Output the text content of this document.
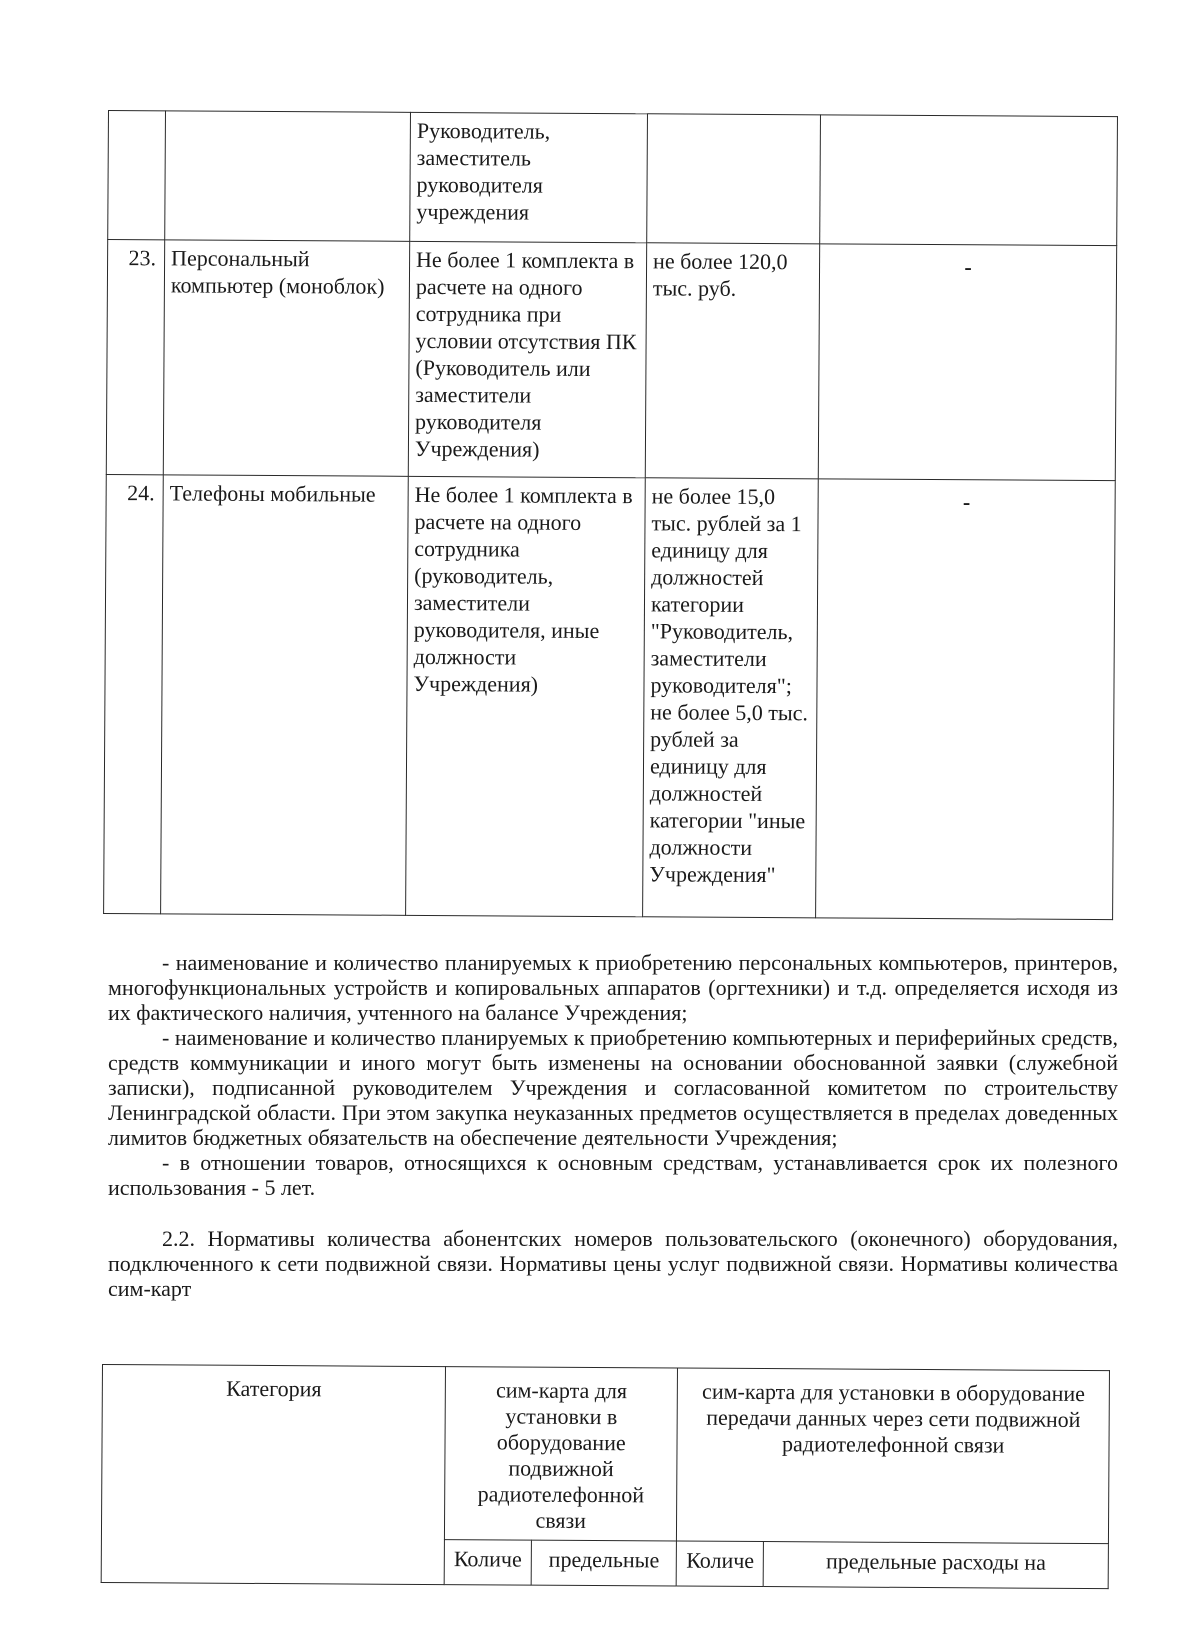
		Руководитель, заместитель руководителя учреждения		
23.	Персональный компьютер (моноблок)	Не более 1 комплекта в расчете на одного сотрудника при условии отсутствия ПК (Руководитель или заместители руководителя Учреждения)	не более 120,0 тыс. руб.	-
24.	Телефоны мобильные	Не более 1 комплекта в расчете на одного сотрудника (руководитель, заместители руководителя, иные должности Учреждения)	не более 15,0 тыс. рублей за 1 единицу для должностей категории "Руководитель, заместители руководителя"; не более 5,0 тыс. рублей за единицу для должностей категории "иные должности Учреждения"	-

- наименование и количество планируемых к приобретению персональных компьютеров, принтеров, многофункциональных устройств и копировальных аппаратов (оргтехники) и т.д. определяется исходя из их фактического наличия, учтенного на балансе Учреждения;

- наименование и количество планируемых к приобретению компьютерных и периферийных средств, средств коммуникации и иного могут быть изменены на основании обоснованной заявки (служебной записки), подписанной руководителем Учреждения и согласованной комитетом по строительству Ленинградской области. При этом закупка неуказанных предметов осуществляется в пределах доведенных лимитов бюджетных обязательств на обеспечение деятельности Учреждения;

- в отношении товаров, относящихся к основным средствам, устанавливается срок их полезного использования - 5 лет.

2.2. Нормативы количества абонентских номеров пользовательского (оконечного) оборудования, подключенного к сети подвижной связи. Нормативы цены услуг подвижной связи. Нормативы количества сим-карт

Категория	сим-карта для установки в оборудование подвижной радиотелефонной связи		сим-карта для установки в оборудование передачи данных через сети подвижной радиотелефонной связи	
	Количе	предельные	Количе	предельные расходы на
